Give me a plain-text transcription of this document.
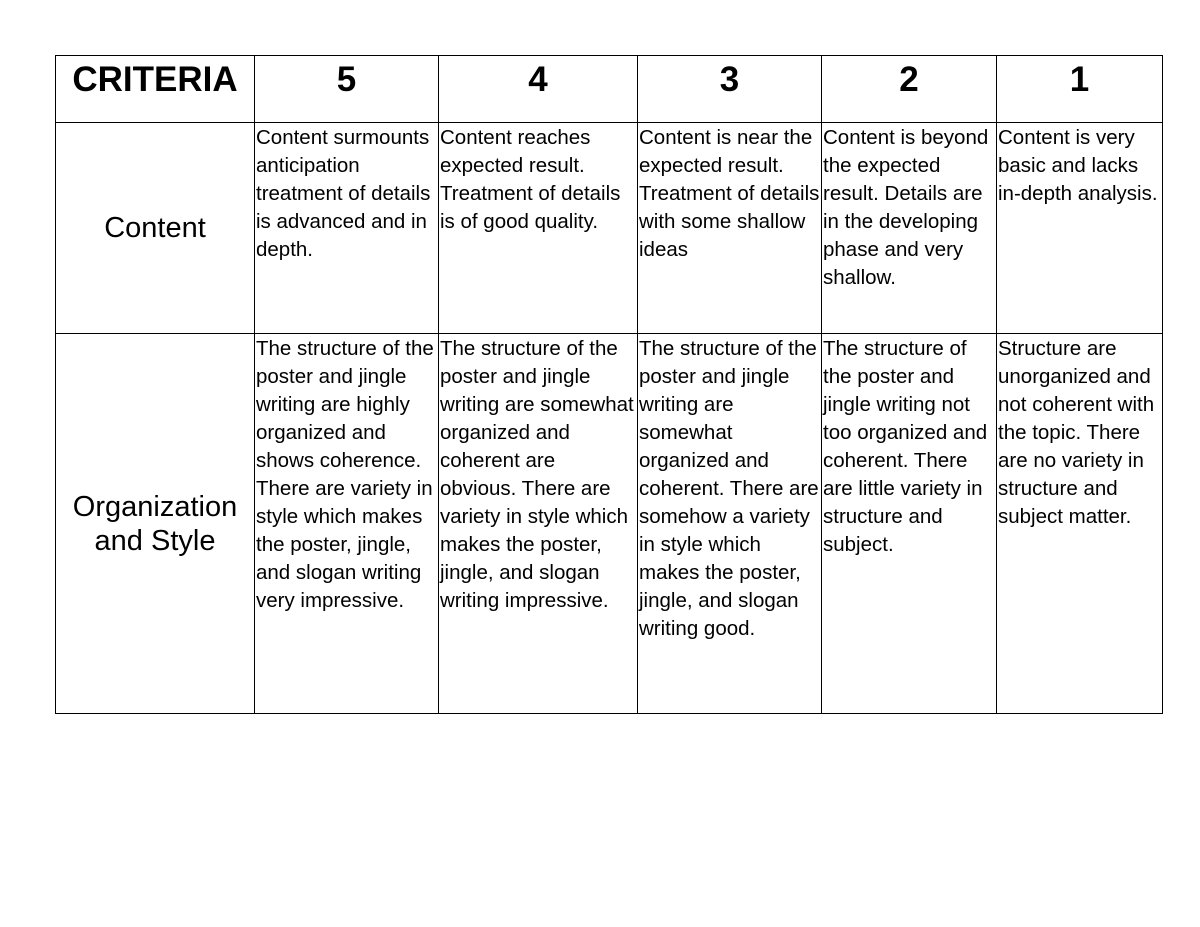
CRITERIA	5	4	3	2	1
Content	Content surmounts anticipation treatment of details is advanced and in depth.	Content reaches expected result. Treatment of details is of good quality.	Content is near the expected result. Treatment of details with some shallow ideas	Content is beyond the expected result. Details are in the developing phase and very shallow.	Content is very basic and lacks in-depth analysis.
Organization and Style	The structure of the poster and jingle writing are highly organized and shows coherence. There are variety in style which makes the poster, jingle, and slogan writing very impressive.	The structure of the poster and jingle writing are somewhat organized and coherent are obvious. There are variety in style which makes the poster, jingle, and slogan writing impressive.	The structure of the poster and jingle writing are somewhat organized and coherent. There are somehow a variety in style which makes the poster, jingle, and slogan writing good.	The structure of the poster and jingle writing not too organized and coherent. There are little variety in structure and subject.	Structure are unorganized and not coherent with the topic. There are no variety in structure and subject matter.
